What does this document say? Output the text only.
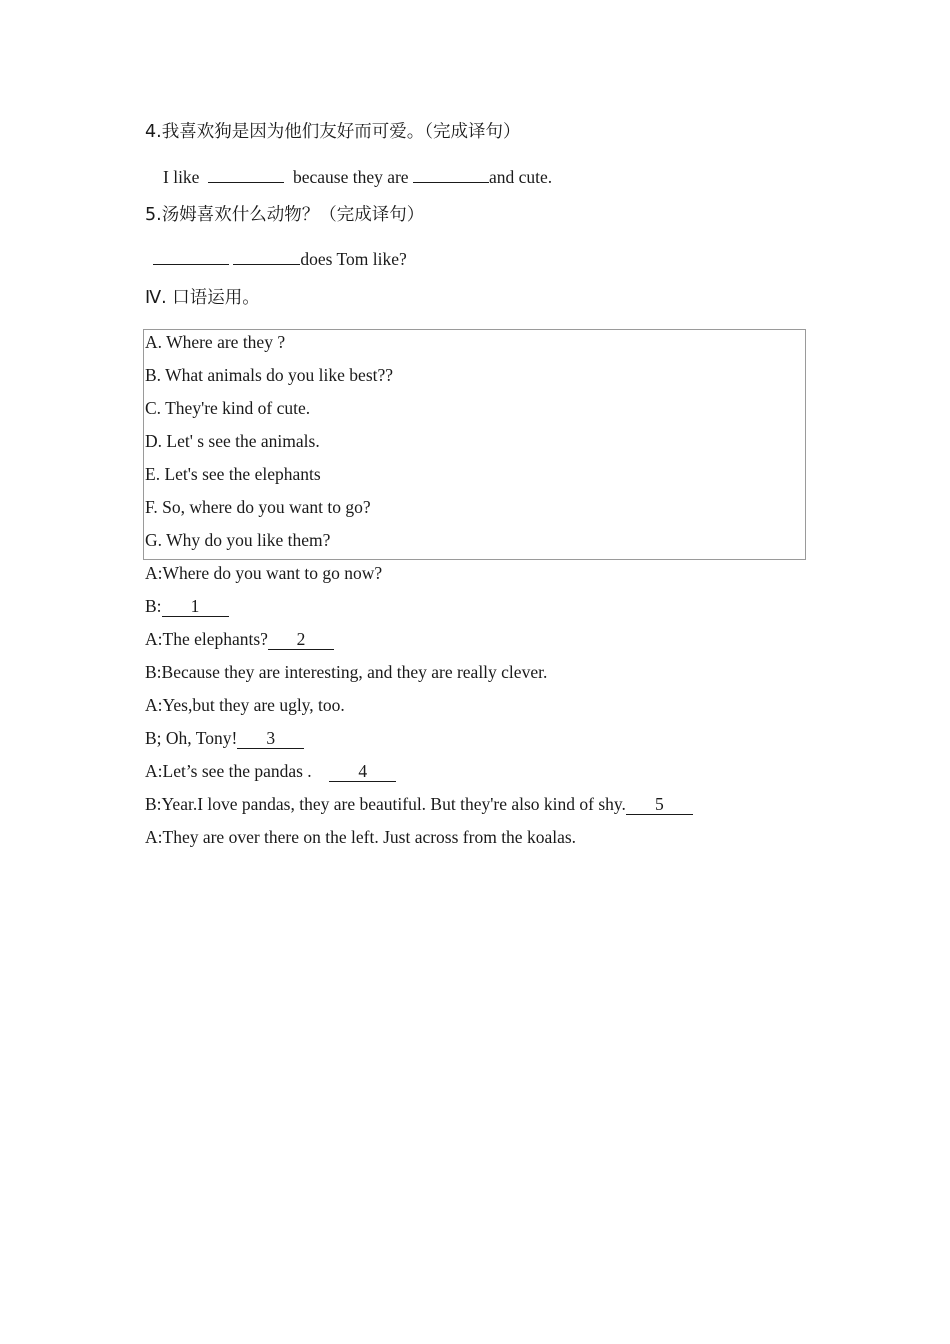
4.我喜欢狗是因为他们友好而可爱。（完成译句）
I like	because they are	and cute.
5.汤姆喜欢什么动物？（完成译句）
does Tom like?
Ⅳ. 口语运用。
A. Where are they ?
B. What animals do you like best??
C. They're kind of cute.
D. Let' s see the animals.
E. Let's see the elephants
F. So, where do you want to go?
G. Why do you like them?
A:Where do you want to go now?
B: 1
A:The elephants? 2
B:Because they are interesting, and they are really clever.
A:Yes,but they are ugly, too.
B; Oh, Tony! 3
A:Let’s see the pandas .	4
B:Year.I love pandas, they are beautiful. But they're also kind of shy. 5
A:They are over there on the left. Just across from the koalas.
